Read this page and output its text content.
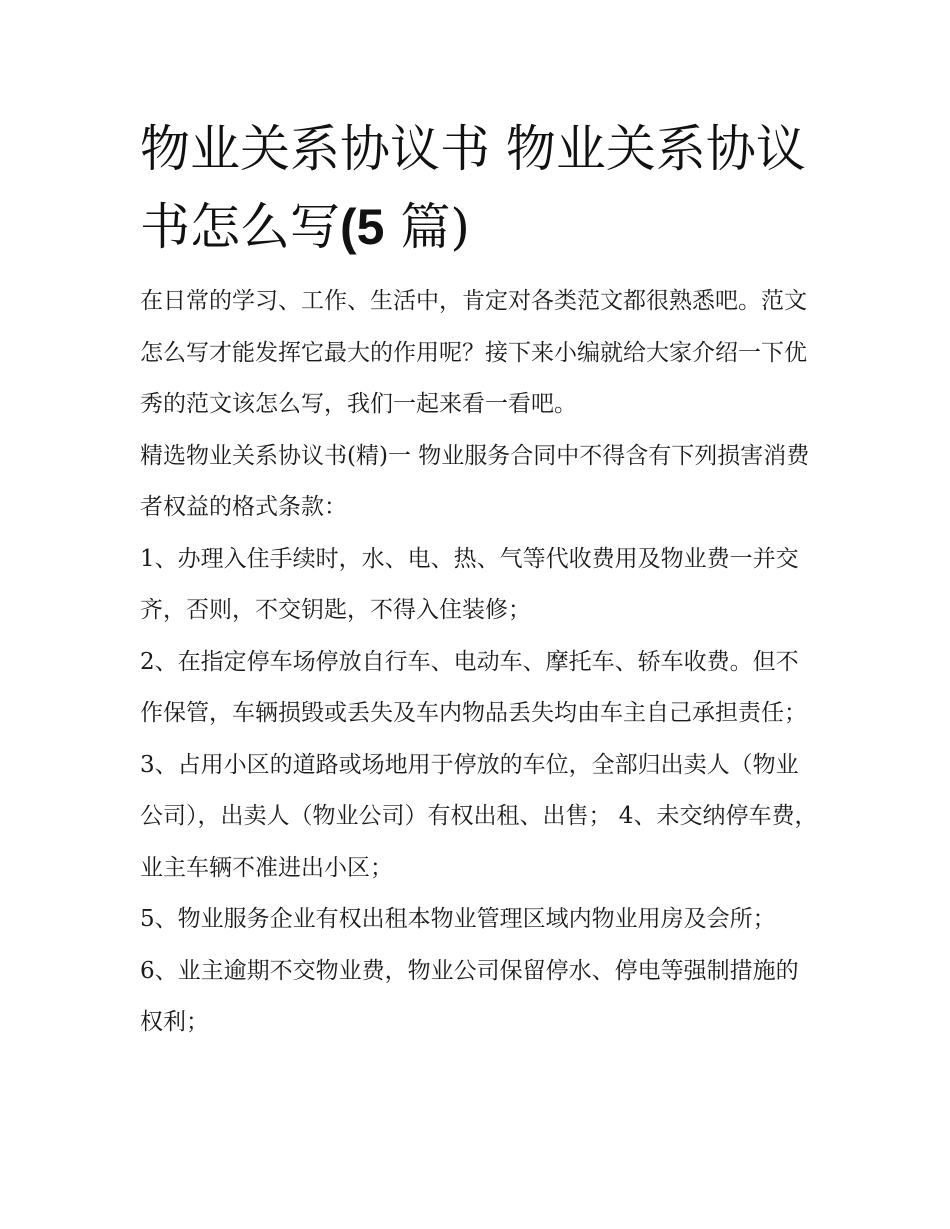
物业关系协议书 物业关系协议书怎么写(5 篇)

在日常的学习、工作、生活中，肯定对各类范文都很熟悉吧。范文怎么写才能发挥它最大的作用呢？接下来小编就给大家介绍一下优秀的范文该怎么写，我们一起来看一看吧。

精选物业关系协议书(精)一 物业服务合同中不得含有下列损害消费者权益的格式条款：

1、办理入住手续时，水、电、热、气等代收费用及物业费一并交齐，否则，不交钥匙，不得入住装修；

2、在指定停车场停放自行车、电动车、摩托车、轿车收费。但不作保管，车辆损毁或丢失及车内物品丢失均由车主自己承担责任；

3、占用小区的道路或场地用于停放的车位，全部归出卖人（物业公司），出卖人（物业公司）有权出租、出售； 4、未交纳停车费，业主车辆不准进出小区；

5、物业服务企业有权出租本物业管理区域内物业用房及会所； 6、业主逾期不交物业费，物业公司保留停水、停电等强制措施的权利；
